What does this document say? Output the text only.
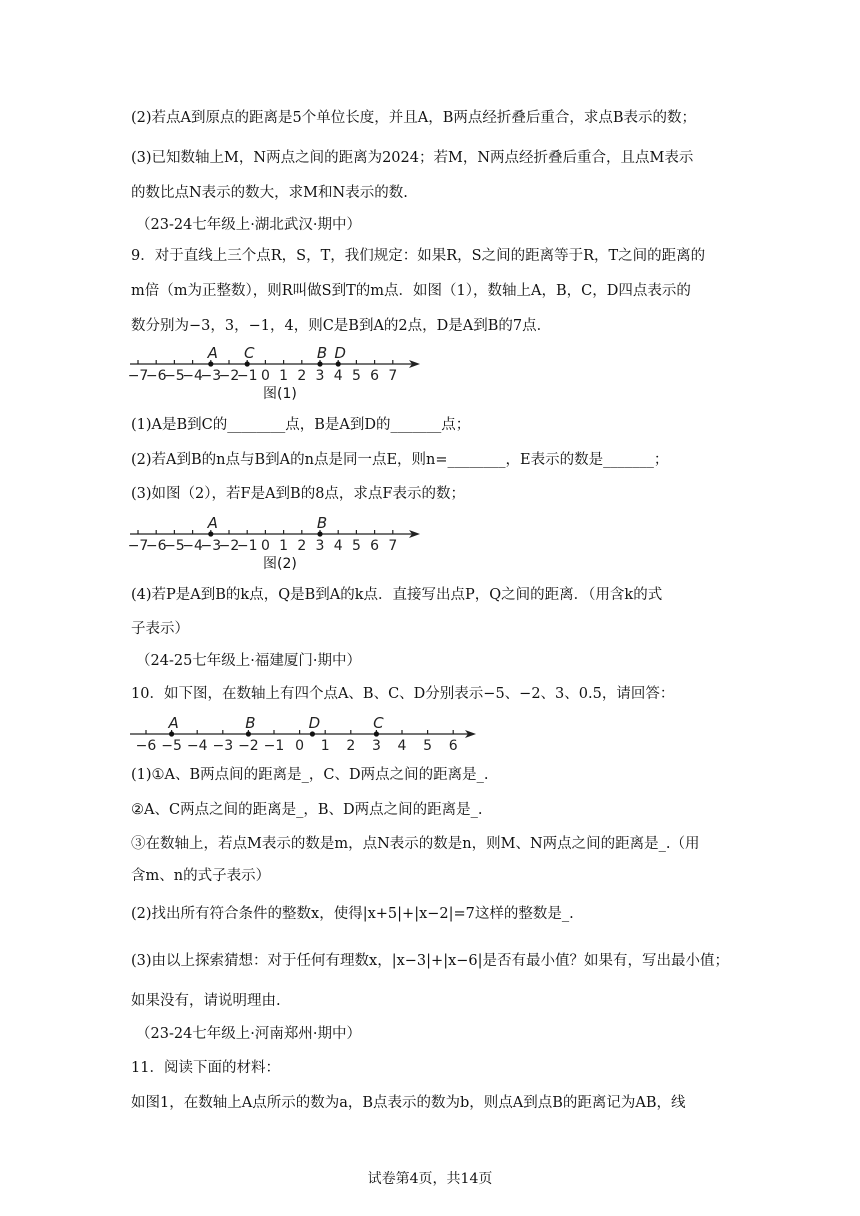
(2)若点A到原点的距离是5个单位长度，并且A，B两点经折叠后重合，求点B表示的数；
(3)已知数轴上M，N两点之间的距离为2024；若M，N两点经折叠后重合，且点M表示
的数比点N表示的数大，求M和N表示的数.
（23-24七年级上·湖北武汉·期中）
9．对于直线上三个点R，S，T，我们规定：如果R，S之间的距离等于R，T之间的距离的
m倍（m为正整数），则R叫做S到T的m点．如图（1），数轴上A，B，C，D四点表示的
数分别为−3，3，−1，4，则C是B到A的2点，D是A到B的7点．
−7
−6
−5
−4
−3
−2
−1 0 1 2 3 4 5 6 7
A C	B D
图(1)
(1)A是B到C的________点，B是A到D的_______点；
(2)若A到B的n点与B到A的n点是同一点E，则n=________，E表示的数是_______；
(3)如图（2），若F是A到B的8点，求点F表示的数；
−7
−6
−5
−4
−3
−2
−1 0 1 2 3 4 5 6 7
A	B
图(2)
(4)若P是A到B的k点，Q是B到A的k点．直接写出点P，Q之间的距离．（用含k的式
子表示）
（24-25七年级上·福建厦门·期中）
10．如下图，在数轴上有四个点A、B、C、D分别表示−5、−2、3、0.5，请回答：
−6 −5 −4 −3 −2 −1 0 1 2 3 4 5 6
A	B	D	C
(1)①A、B两点间的距离是_，C、D两点之间的距离是_.
②A、C两点之间的距离是_，B、D两点之间的距离是_.
③在数轴上，若点M表示的数是m，点N表示的数是n，则M、N两点之间的距离是_.（用
含m、n的式子表示）
(2)找出所有符合条件的整数x，使得|x+5|+|x−2|=7这样的整数是_.
(3)由以上探索猜想：对于任何有理数x，|x−3|+|x−6|是否有最小值？如果有，写出最小值；
如果没有，请说明理由.
（23-24七年级上·河南郑州·期中）
11．阅读下面的材料：
如图1，在数轴上A点所示的数为a，B点表示的数为b，则点A到点B的距离记为AB，线
试卷第4页，共14页
